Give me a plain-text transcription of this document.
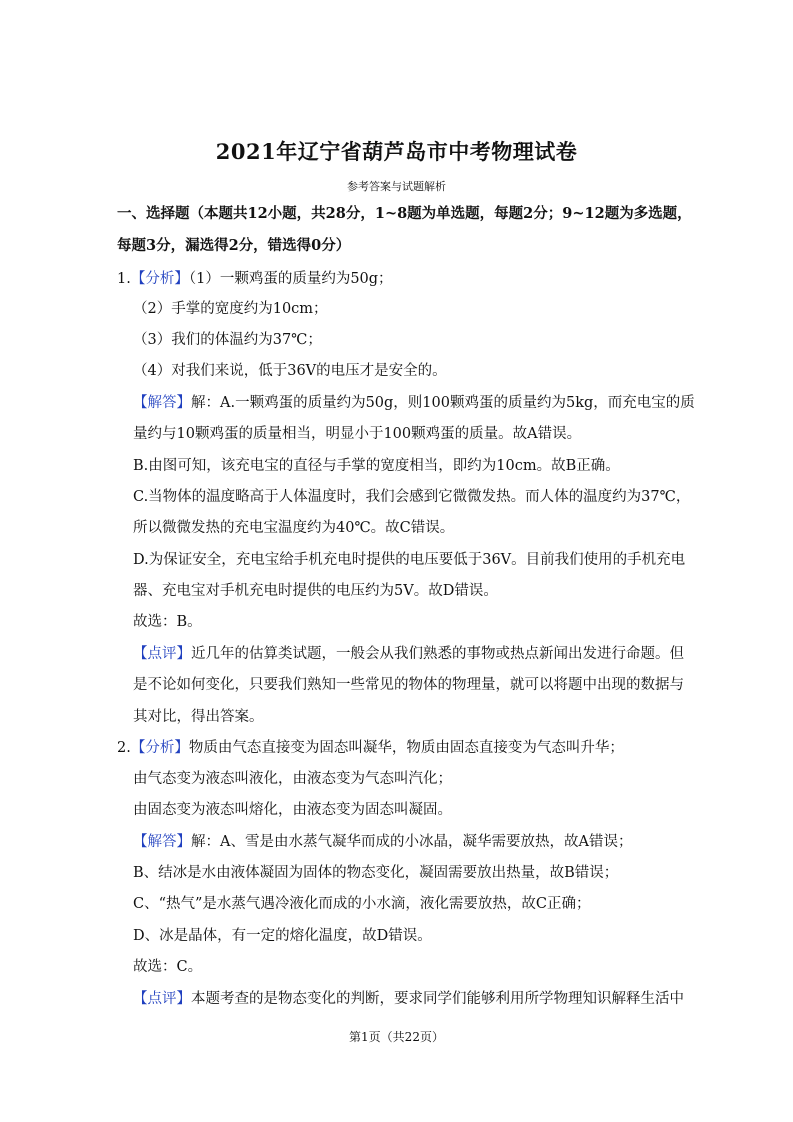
2021年辽宁省葫芦岛市中考物理试卷
参考答案与试题解析
一、选择题（本题共12小题，共28分，1~8题为单选题，每题2分；9~12题为多选题，
每题3分，漏选得2分，错选得0分）
1.【分析】（1）一颗鸡蛋的质量约为50g；
（2）手掌的宽度约为10cm；
（3）我们的体温约为37℃；
（4）对我们来说，低于36V的电压才是安全的。
【解答】解：A.一颗鸡蛋的质量约为50g，则100颗鸡蛋的质量约为5kg，而充电宝的质
量约与10颗鸡蛋的质量相当，明显小于100颗鸡蛋的质量。故A错误。
B.由图可知，该充电宝的直径与手掌的宽度相当，即约为10cm。故B正确。
C.当物体的温度略高于人体温度时，我们会感到它微微发热。而人体的温度约为37℃，
所以微微发热的充电宝温度约为40℃。故C错误。
D.为保证安全，充电宝给手机充电时提供的电压要低于36V。目前我们使用的手机充电
器、充电宝对手机充电时提供的电压约为5V。故D错误。
故选：B。
【点评】近几年的估算类试题，一般会从我们熟悉的事物或热点新闻出发进行命题。但
是不论如何变化，只要我们熟知一些常见的物体的物理量，就可以将题中出现的数据与
其对比，得出答案。
2.【分析】物质由气态直接变为固态叫凝华，物质由固态直接变为气态叫升华；
由气态变为液态叫液化，由液态变为气态叫汽化；
由固态变为液态叫熔化，由液态变为固态叫凝固。
【解答】解：A、雪是由水蒸气凝华而成的小冰晶，凝华需要放热，故A错误；
B、结冰是水由液体凝固为固体的物态变化，凝固需要放出热量，故B错误；
C、“热气”是水蒸气遇冷液化而成的小水滴，液化需要放热，故C正确；
D、冰是晶体，有一定的熔化温度，故D错误。
故选：C。
【点评】本题考查的是物态变化的判断，要求同学们能够利用所学物理知识解释生活中
第1页（共22页）
